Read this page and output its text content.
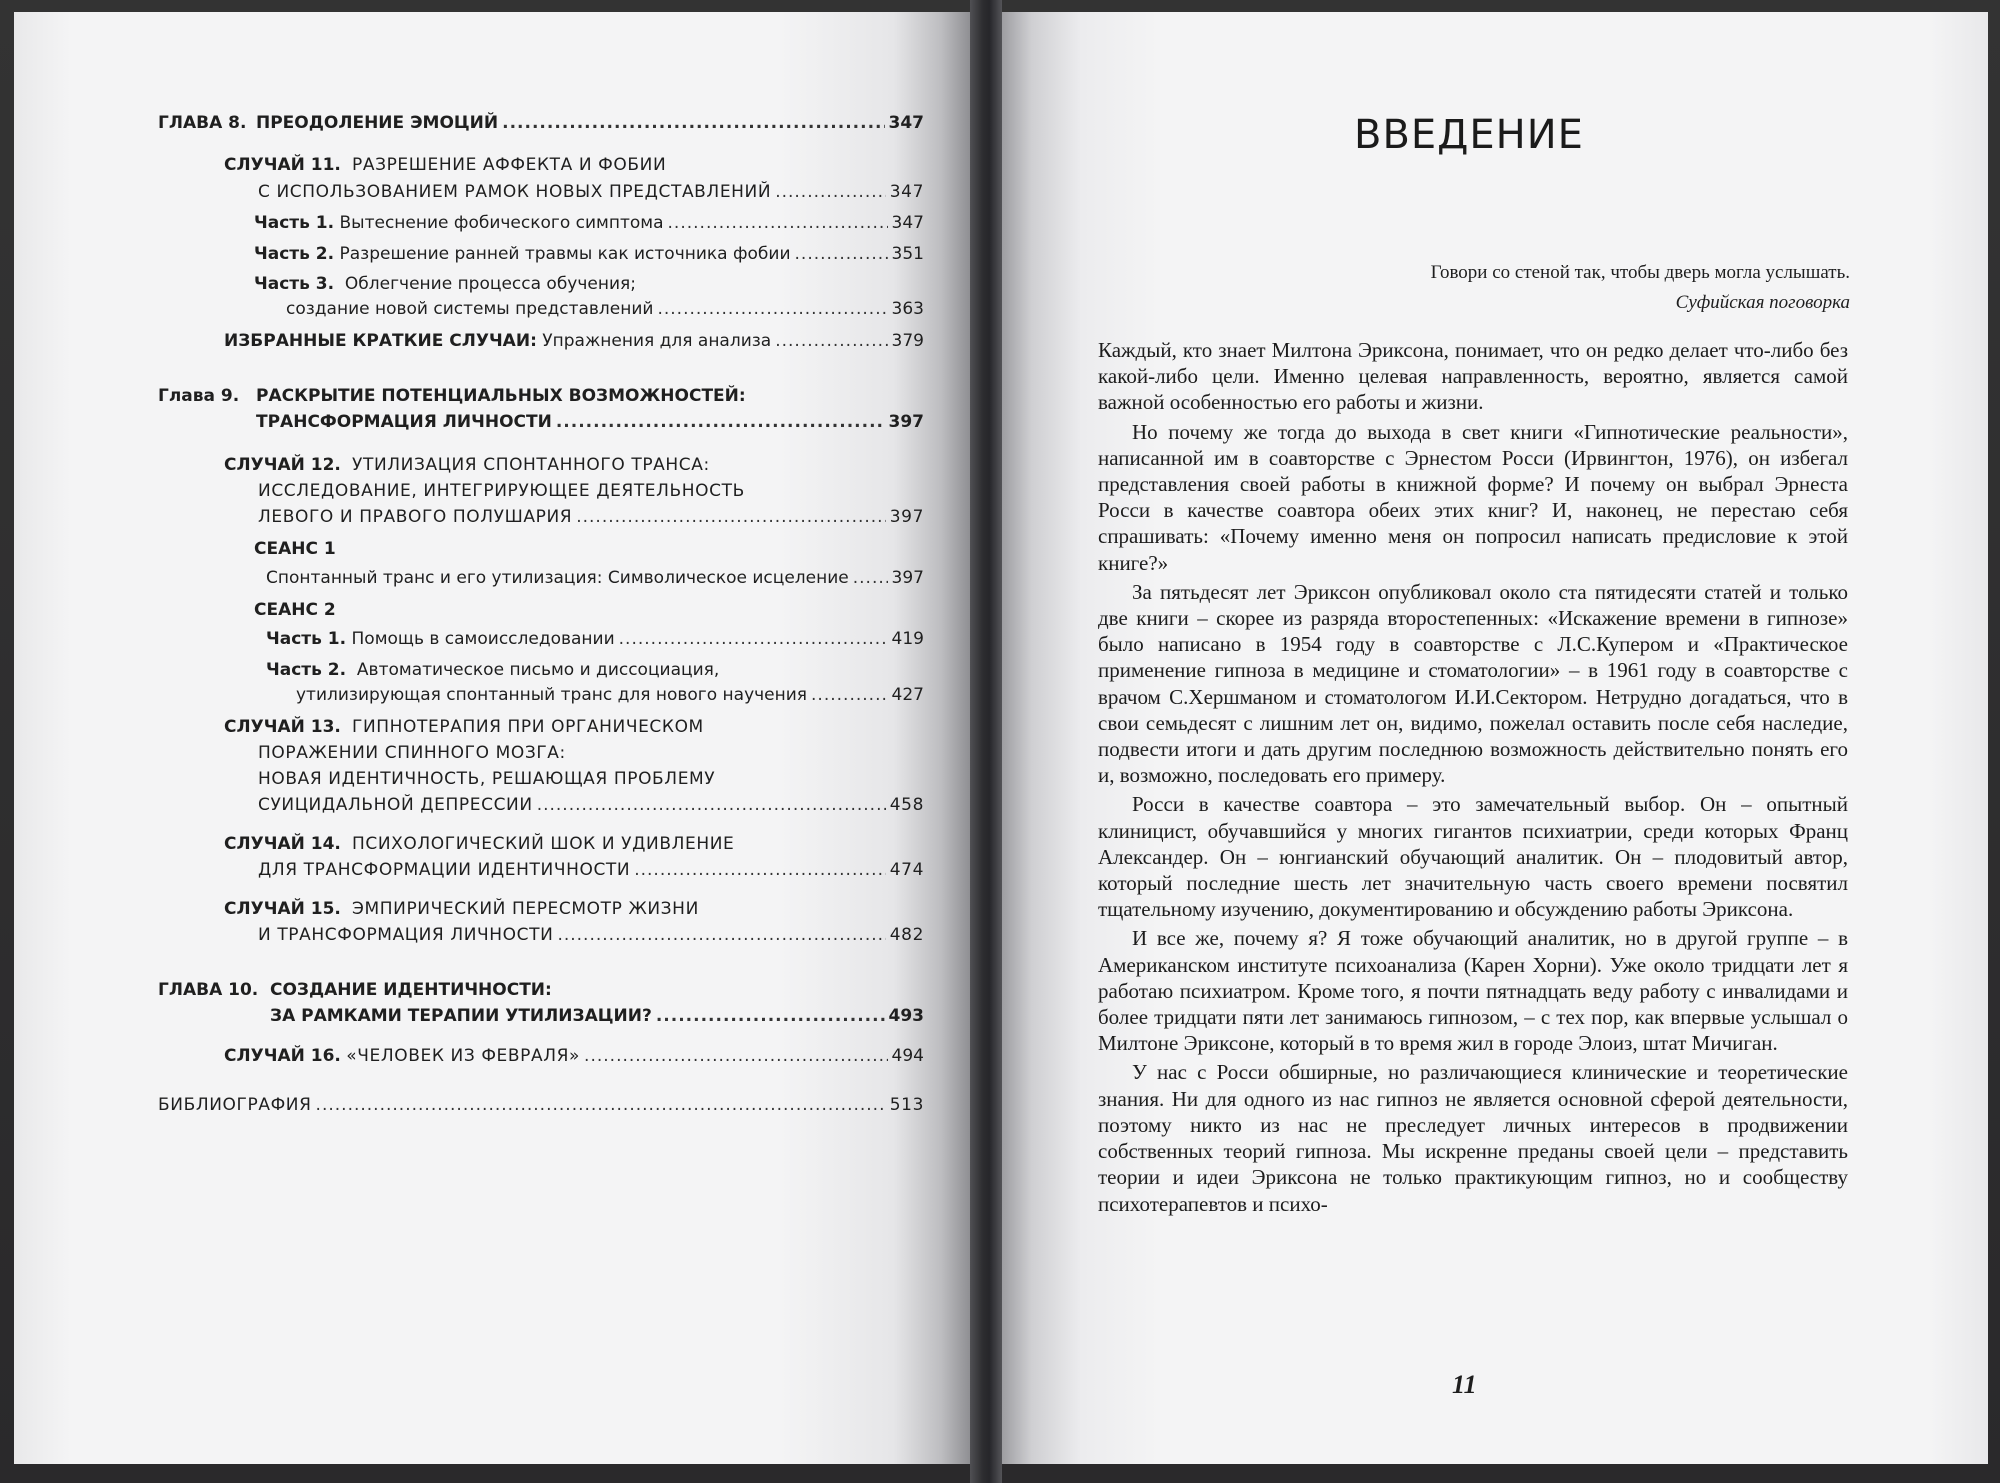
ГЛАВА 8. ПРЕОДОЛЕНИЕ ЭМОЦИЙ .....	347
СЛУЧАЙ 11. РАЗРЕШЕНИЕ АФФЕКТА И ФОБИИ
С ИСПОЛЬЗОВАНИЕМ РАМОК НОВЫХ ПРЕДСТАВЛЕНИЙ .....	347
Часть 1.
Вытеснение фобического симптома .....	347
Часть 2.
Разрешение ранней травмы как источника фобии .....	351
Часть 3. Облегчение процесса обучения;
создание новой системы представлений .....	363
ИЗБРАННЫЕ КРАТКИЕ СЛУЧАИ:
Упражнения для анализа .....	379
Глава 9. РАСКРЫТИЕ ПОТЕНЦИАЛЬНЫХ ВОЗМОЖНОСТЕЙ:
ТРАНСФОРМАЦИЯ ЛИЧНОСТИ .....	397
СЛУЧАЙ 12. УТИЛИЗАЦИЯ СПОНТАННОГО ТРАНСА:
ИССЛЕДОВАНИЕ, ИНТЕГРИРУЮЩЕЕ ДЕЯТЕЛЬНОСТЬ
ЛЕВОГО И ПРАВОГО ПОЛУШАРИЯ .....	397
СЕАНС 1
Спонтанный транс и его утилизация: Символическое исцеление .....	397
СЕАНС 2
Часть 1.
Помощь в самоисследовании .....	419
Часть 2. Автоматическое письмо и диссоциация,
утилизирующая спонтанный транс для нового научения .....	427
СЛУЧАЙ 13. ГИПНОТЕРАПИЯ ПРИ ОРГАНИЧЕСКОМ
ПОРАЖЕНИИ СПИННОГО МОЗГА:
НОВАЯ ИДЕНТИЧНОСТЬ, РЕШАЮЩАЯ ПРОБЛЕМУ
СУИЦИДАЛЬНОЙ ДЕПРЕССИИ .....	458
СЛУЧАЙ 14. ПСИХОЛОГИЧЕСКИЙ ШОК И УДИВЛЕНИЕ
ДЛЯ ТРАНСФОРМАЦИИ ИДЕНТИЧНОСТИ .....	474
СЛУЧАЙ 15. ЭМПИРИЧЕСКИЙ ПЕРЕСМОТР ЖИЗНИ
И ТРАНСФОРМАЦИЯ ЛИЧНОСТИ .....	482
ГЛАВА 10. СОЗДАНИЕ ИДЕНТИЧНОСТИ:
ЗА РАМКАМИ ТЕРАПИИ УТИЛИЗАЦИИ? .....	493
СЛУЧАЙ 16.
«ЧЕЛОВЕК ИЗ ФЕВРАЛЯ» .....	494
БИБЛИОГРАФИЯ .....	513
ВВЕДЕНИЕ
Говори со стеной так, чтобы дверь могла услышать.
Суфийская поговорка

Каждый, кто знает Милтона Эриксона, понимает, что он редко делает что-либо без какой-либо цели. Именно целевая направленность, вероятно, является самой важной особенностью его работы и жизни.

Но почему же тогда до выхода в свет книги «Гипнотические реальности», написанной им в соавторстве с Эрнестом Росси (Ирвингтон, 1976), он избегал представления своей работы в книжной форме? И почему он выбрал Эрнеста Росси в качестве соавтора обеих этих книг? И, наконец, не перестаю себя спрашивать: «Почему именно меня он попросил написать предисловие к этой книге?»

За пятьдесят лет Эриксон опубликовал около ста пятидесяти статей и только две книги – скорее из разряда второстепенных: «Искажение времени в гипнозе» было написано в 1954 году в соавторстве с Л.С.Купером и «Практическое применение гипноза в медицине и стоматологии» – в 1961 году в соавторстве с врачом С.Хершманом и стоматологом И.И.Сектором. Нетрудно догадаться, что в свои семьдесят с лишним лет он, видимо, пожелал оставить после себя наследие, подвести итоги и дать другим последнюю возможность действительно понять его и, возможно, последовать его примеру.

Росси в качестве соавтора – это замечательный выбор. Он – опытный клиницист, обучавшийся у многих гигантов психиатрии, среди которых Франц Александер. Он – юнгианский обучающий аналитик. Он – плодовитый автор, который последние шесть лет значительную часть своего времени посвятил тщательному изучению, документированию и обсуждению работы Эриксона.

И все же, почему я? Я тоже обучающий аналитик, но в другой группе – в Американском институте психоанализа (Карен Хорни). Уже около тридцати лет я работаю психиатром. Кроме того, я почти пятнадцать веду работу с инвалидами и более тридцати пяти лет занимаюсь гипнозом, – с тех пор, как впервые услышал о Милтоне Эриксоне, который в то время жил в городе Элоиз, штат Мичиган.

У нас с Росси обширные, но различающиеся клинические и теоретические знания. Ни для одного из нас гипноз не является основной сферой деятельности, поэтому никто из нас не преследует личных интересов в продвижении собственных теорий гипноза. Мы искренне преданы своей цели – представить теории и идеи Эриксона не только практикующим гипноз, но и сообществу психотерапевтов и психо-

11
